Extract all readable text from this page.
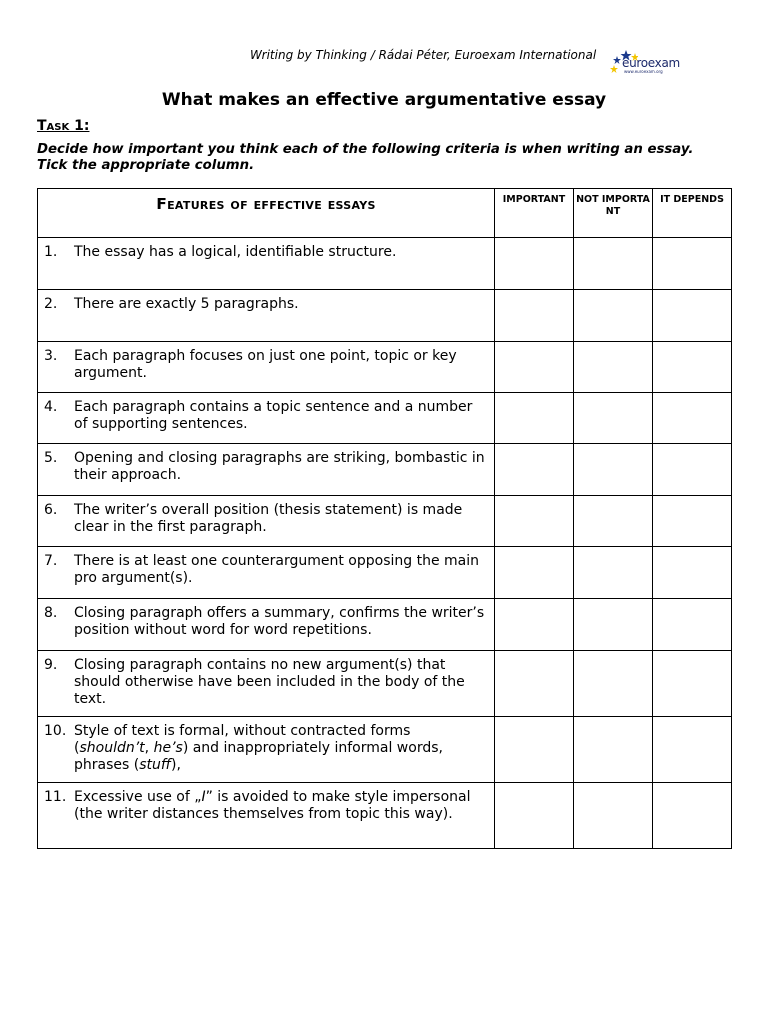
Writing by Thinking / Rádai Péter, Euroexam International
euroexam
www.euroexam.org
What makes an effective argumentative essay
Task 1:
Decide how important you think each of the following criteria is when writing an essay. Tick the appropriate column.
Features of effective essays	IMPORTANT	NOT IMPORTANT	IT DEPENDS

1. The essay has a logical, identifiable structure.			

2. There are exactly 5 paragraphs.			

3. Each paragraph focuses on just one point, topic or key argument.			

4. Each paragraph contains a topic sentence and a number of supporting sentences.			

5. Opening and closing paragraphs are striking, bombastic in their approach.			

6. The writer’s overall position (thesis statement) is made clear in the first paragraph.			

7. There is at least one counterargument opposing the main pro argument(s).			

8. Closing paragraph offers a summary, confirms the writer’s position without word for word repetitions.			

9. Closing paragraph contains no new argument(s) that should otherwise have been included in the body of the text.			

10. Style of text is formal, without contracted forms (shouldn’t, he’s) and inappropriately informal words, phrases (stuff),			

11. Excessive use of „I” is avoided to make style impersonal (the writer distances themselves from topic this way).			
